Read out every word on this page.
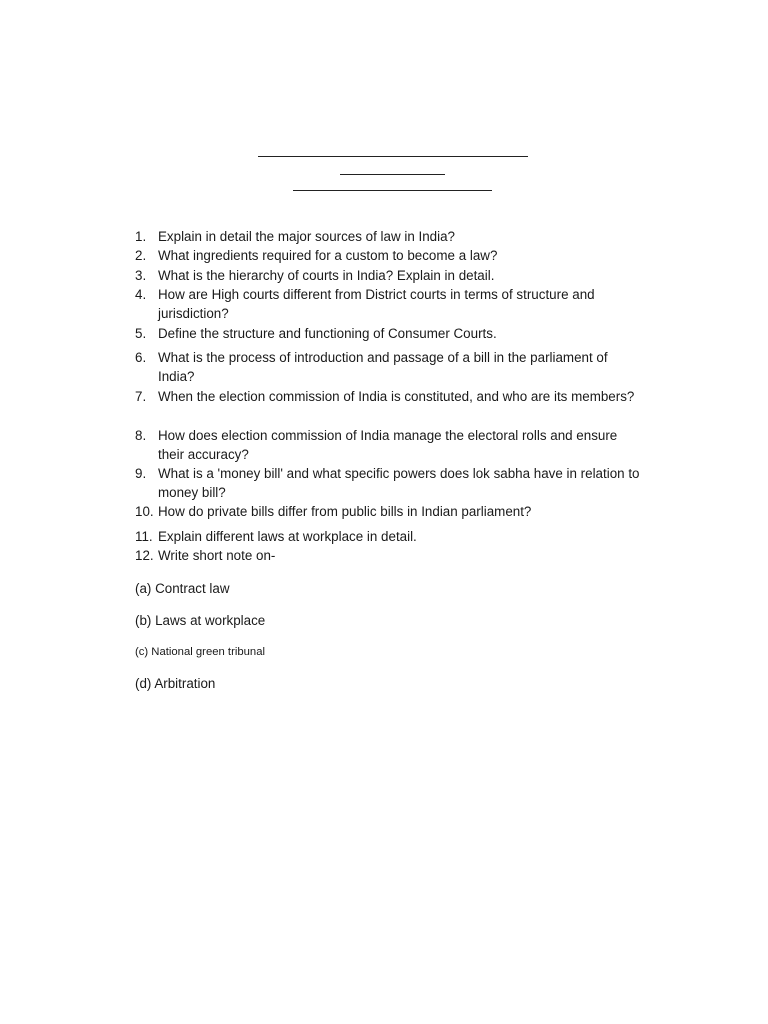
1. Explain in detail the major sources of law in India?
2. What ingredients required for a custom to become a law?
3. What is the hierarchy of courts in India? Explain in detail.
4. How are High courts different from District courts in terms of structure and jurisdiction?
5. Define the structure and functioning of Consumer Courts.
6. What is the process of introduction and passage of a bill in the parliament of India?
7. When the election commission of India is constituted, and who are its members?
8. How does election commission of India manage the electoral rolls and ensure their accuracy?
9. What is a 'money bill' and what specific powers does lok sabha have in relation to money bill?
10. How do private bills differ from public bills in Indian parliament?
11. Explain different laws at workplace in detail.
12. Write short note on-
(a) Contract law
(b) Laws at workplace
(c) National green tribunal
(d) Arbitration
